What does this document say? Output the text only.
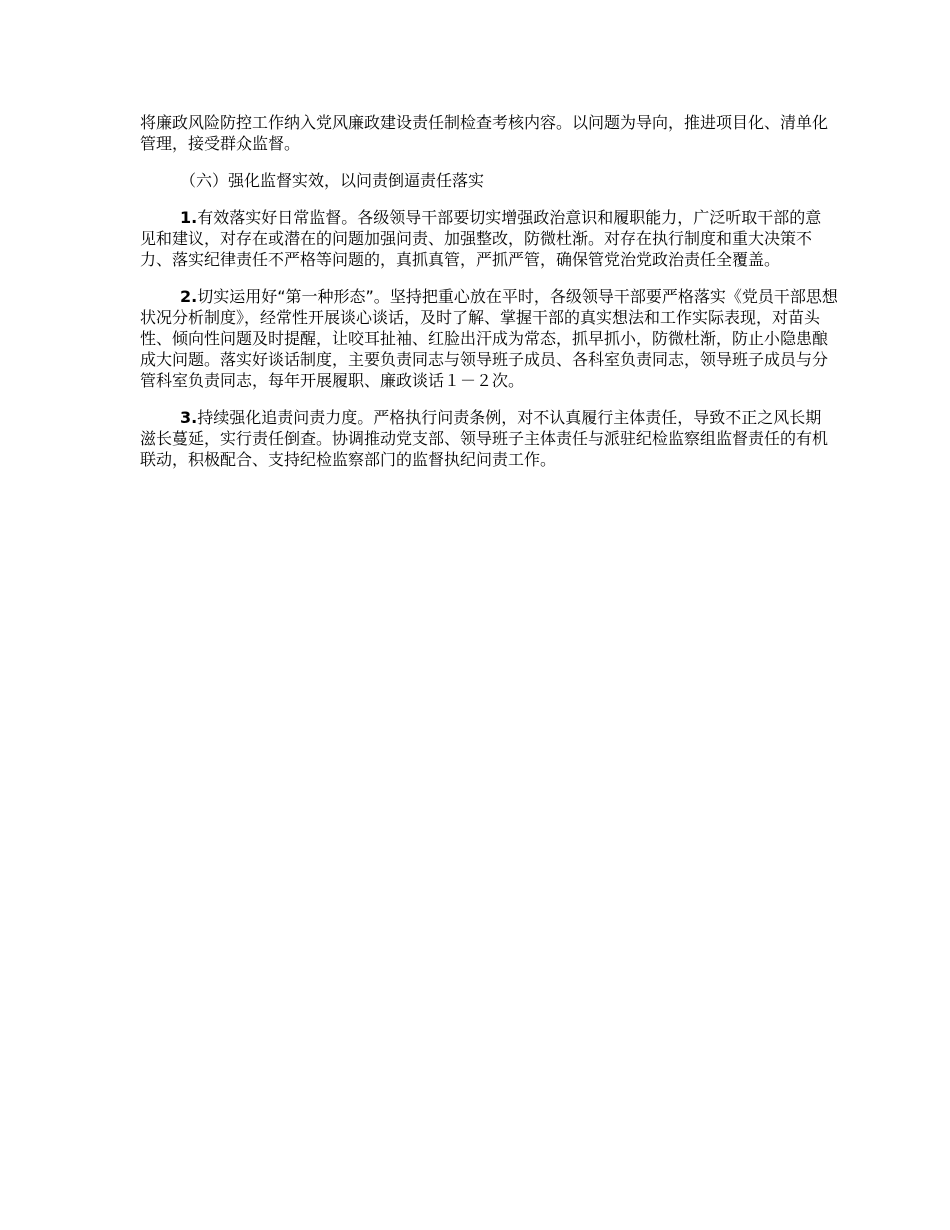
将廉政风险防控工作纳入党风廉政建设责任制检查考核内容。以问题为导向，推进项目化、清单化管理，接受群众监督。

（六）强化监督实效，以问责倒逼责任落实

1.有效落实好日常监督。各级领导干部要切实增强政治意识和履职能力，广泛听取干部的意见和建议，对存在或潜在的问题加强问责、加强整改，防微杜渐。对存在执行制度和重大决策不力、落实纪律责任不严格等问题的，真抓真管，严抓严管，确保管党治党政治责任全覆盖。

2.切实运用好“第一种形态”。坚持把重心放在平时，各级领导干部要严格落实《党员干部思想状况分析制度》，经常性开展谈心谈话，及时了解、掌握干部的真实想法和工作实际表现，对苗头性、倾向性问题及时提醒，让咬耳扯袖、红脸出汗成为常态，抓早抓小，防微杜渐，防止小隐患酿成大问题。落实好谈话制度，主要负责同志与领导班子成员、各科室负责同志，领导班子成员与分管科室负责同志，每年开展履职、廉政谈话１－２次。

3.持续强化追责问责力度。严格执行问责条例，对不认真履行主体责任，导致不正之风长期滋长蔓延，实行责任倒查。协调推动党支部、领导班子主体责任与派驻纪检监察组监督责任的有机联动，积极配合、支持纪检监察部门的监督执纪问责工作。
